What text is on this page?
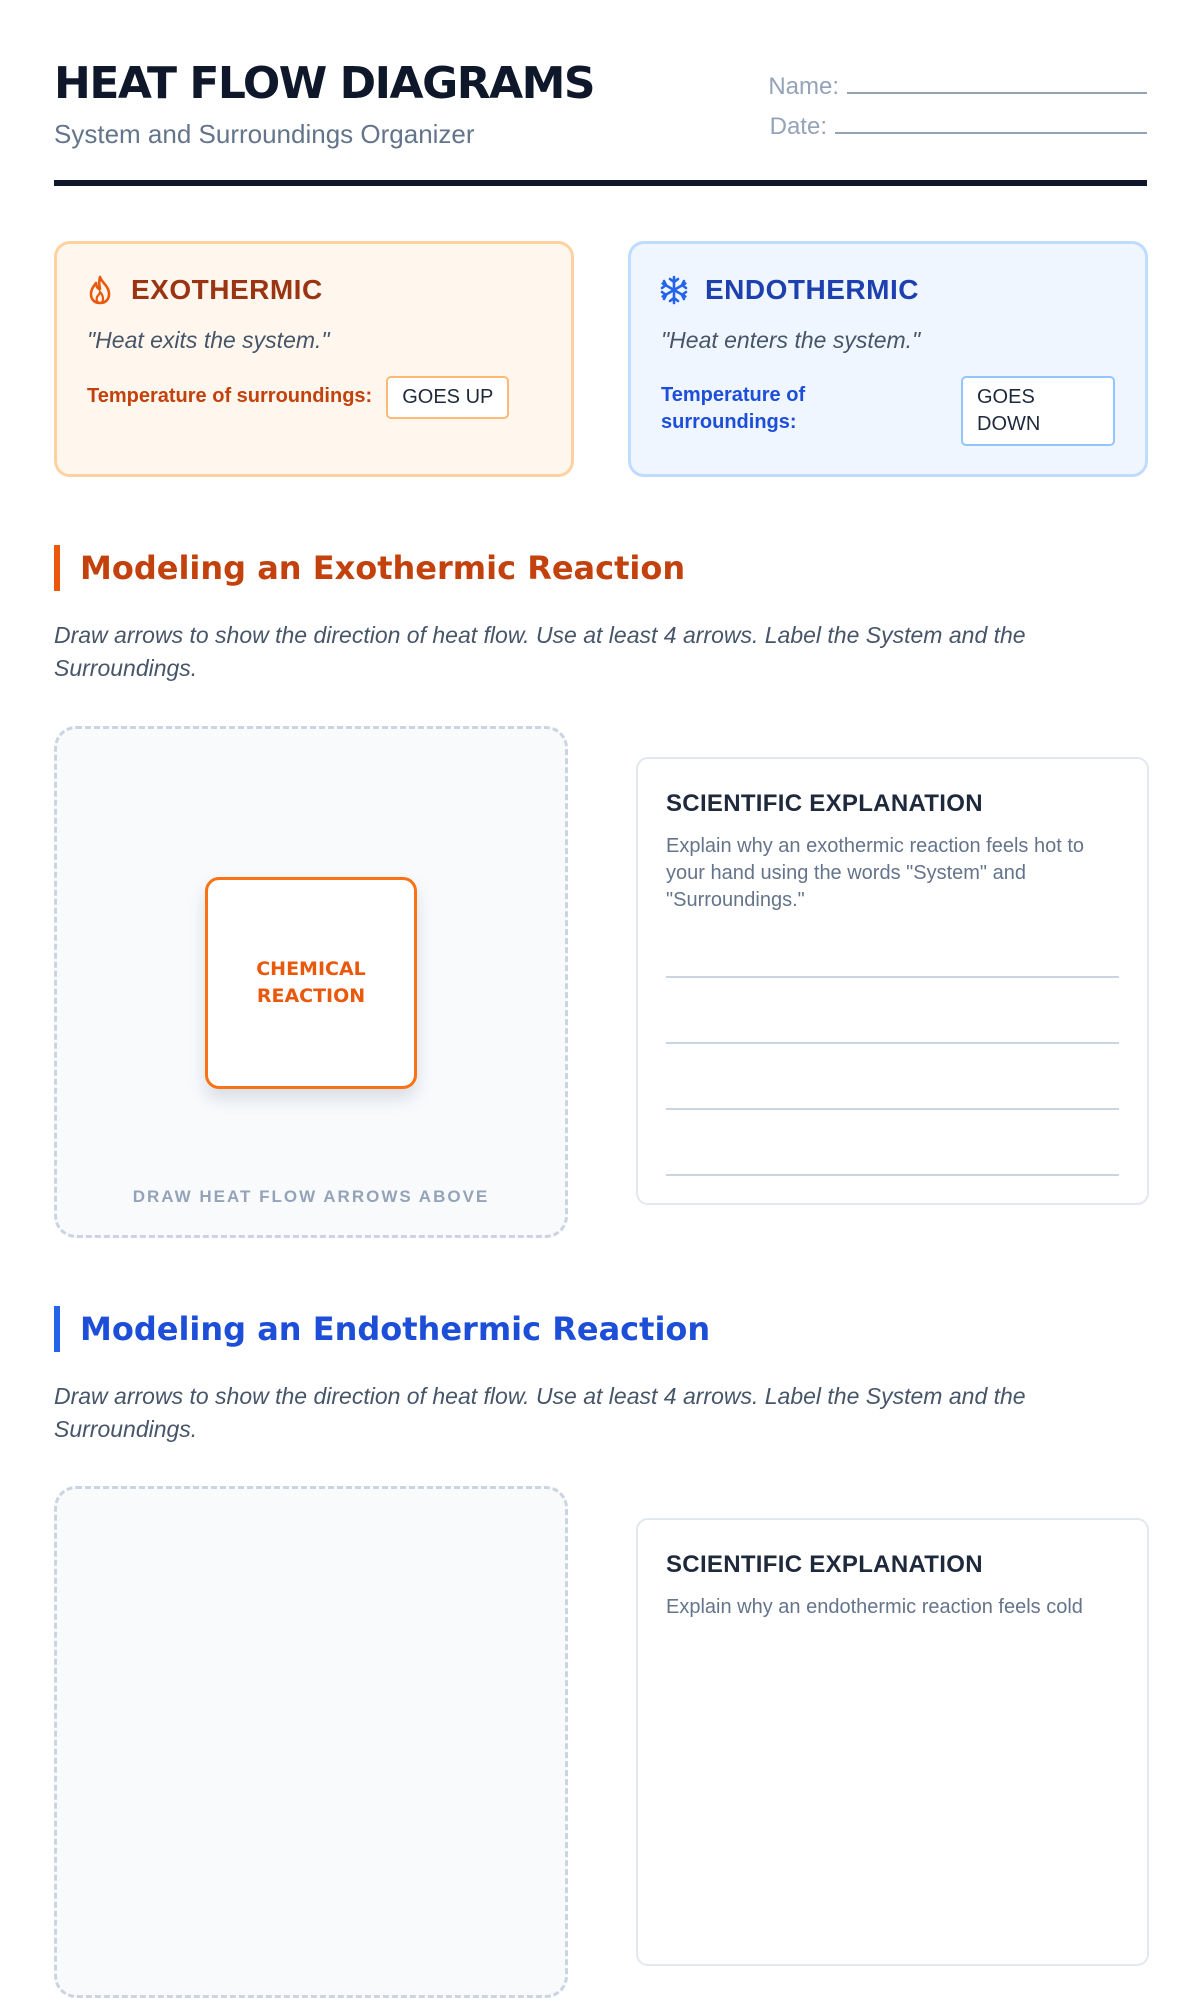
HEAT FLOW DIAGRAMS
System and Surroundings Organizer
Name:
Date:
EXOTHERMIC
"Heat exits the system."
Temperature of surroundings:	GOES UP
ENDOTHERMIC
"Heat enters the system."
Temperature of surroundings:
GOES DOWN
Modeling an Exothermic Reaction
Draw arrows to show the direction of heat flow. Use at least 4 arrows. Label the System and the Surroundings.
CHEMICAL
REACTION
DRAW HEAT FLOW ARROWS ABOVE
SCIENTIFIC EXPLANATION
Explain why an exothermic reaction feels hot to your hand using the words "System" and "Surroundings."
Modeling an Endothermic Reaction
Draw arrows to show the direction of heat flow. Use at least 4 arrows. Label the System and the Surroundings.
SCIENTIFIC EXPLANATION
Explain why an endothermic reaction feels cold
